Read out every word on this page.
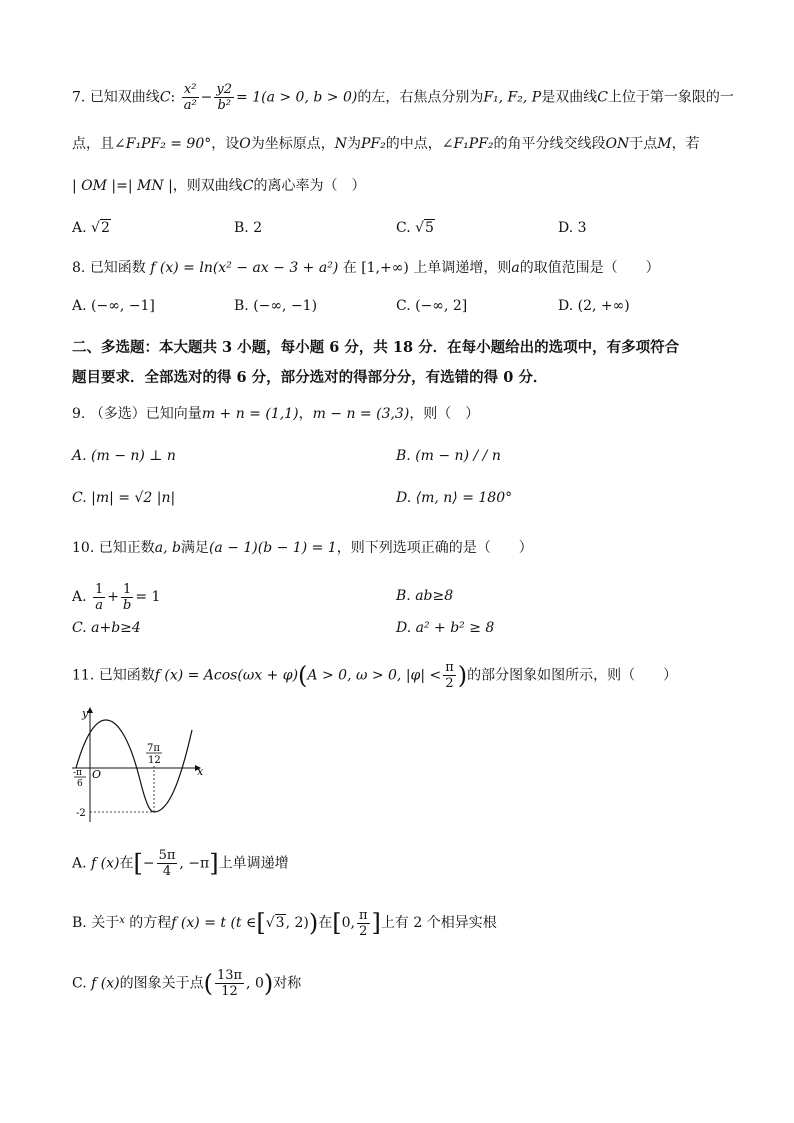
7. 已知双曲线C: $\frac{\text{x²}}{\text{a²}} - \frac{y2}{\text{b²}} = 1(a > 0$, b > 0)的左，右焦点分别为F₁, F₂, P是双曲线C上位于第一象限的一
点，且∠F₁PF₂ = 90°，设O为坐标原点，N为PF₂的中点，∠F₁PF₂的角平分线交线段ON于点M，若
| OM |=| MN |，则双曲线C的离心率为（　）
A. √2	B. 2	C. √5	D. 3
8. 已知函数 f (x) = ln(x² − ax − 3 + a²) 在 [1,+∞) 上单调递增，则a的取值范围是（　　）
A. (−∞, −1]	B. (−∞, −1)	C. (−∞, 2]	D. (2, +∞)
二、多选题：本大题共 3 小题，每小题 6 分，共 18 分．在每小题给出的选项中，有多项符合
题目要求．全部选对的得 6 分，部分选对的得部分分，有选错的得 0 分．
9. （多选）已知向量m + n = (1,1)，m − n = (3,3)，则（　）
A. (m − n) ⊥ n	B. (m − n) / / n
C. |m| = √2 |n|	D. ⟨m, n⟩ = 180°
10. 已知正数a, b满足(a − 1)(b − 1) = 1，则下列选项正确的是（　　）
A. $\frac{1}{a} + \frac{1}{b} = 1$	B. ab≥8
C. a+b≥4	D. a² + b² ≥ 8
11. 已知函数f (x) = Acos(ωx + φ)(A > 0, ω > 0, $|\varphi| < \frac{\pi}{2}$ )的部分图象如图所示，则（　　）
y
x
O
-π
6
7π
12
-2
A. f (x)在[− $\frac{5\pi}{4}$ , −π]上单调递增
B. 关于$^x$ 的方程f (x) = t (t ∈[√3, 2))在[0, $\frac{\pi}{2}$ ]上有 2 个相异实根
C. f (x)的图象关于点( $\frac{13\pi}{12}$ , 0)对称
